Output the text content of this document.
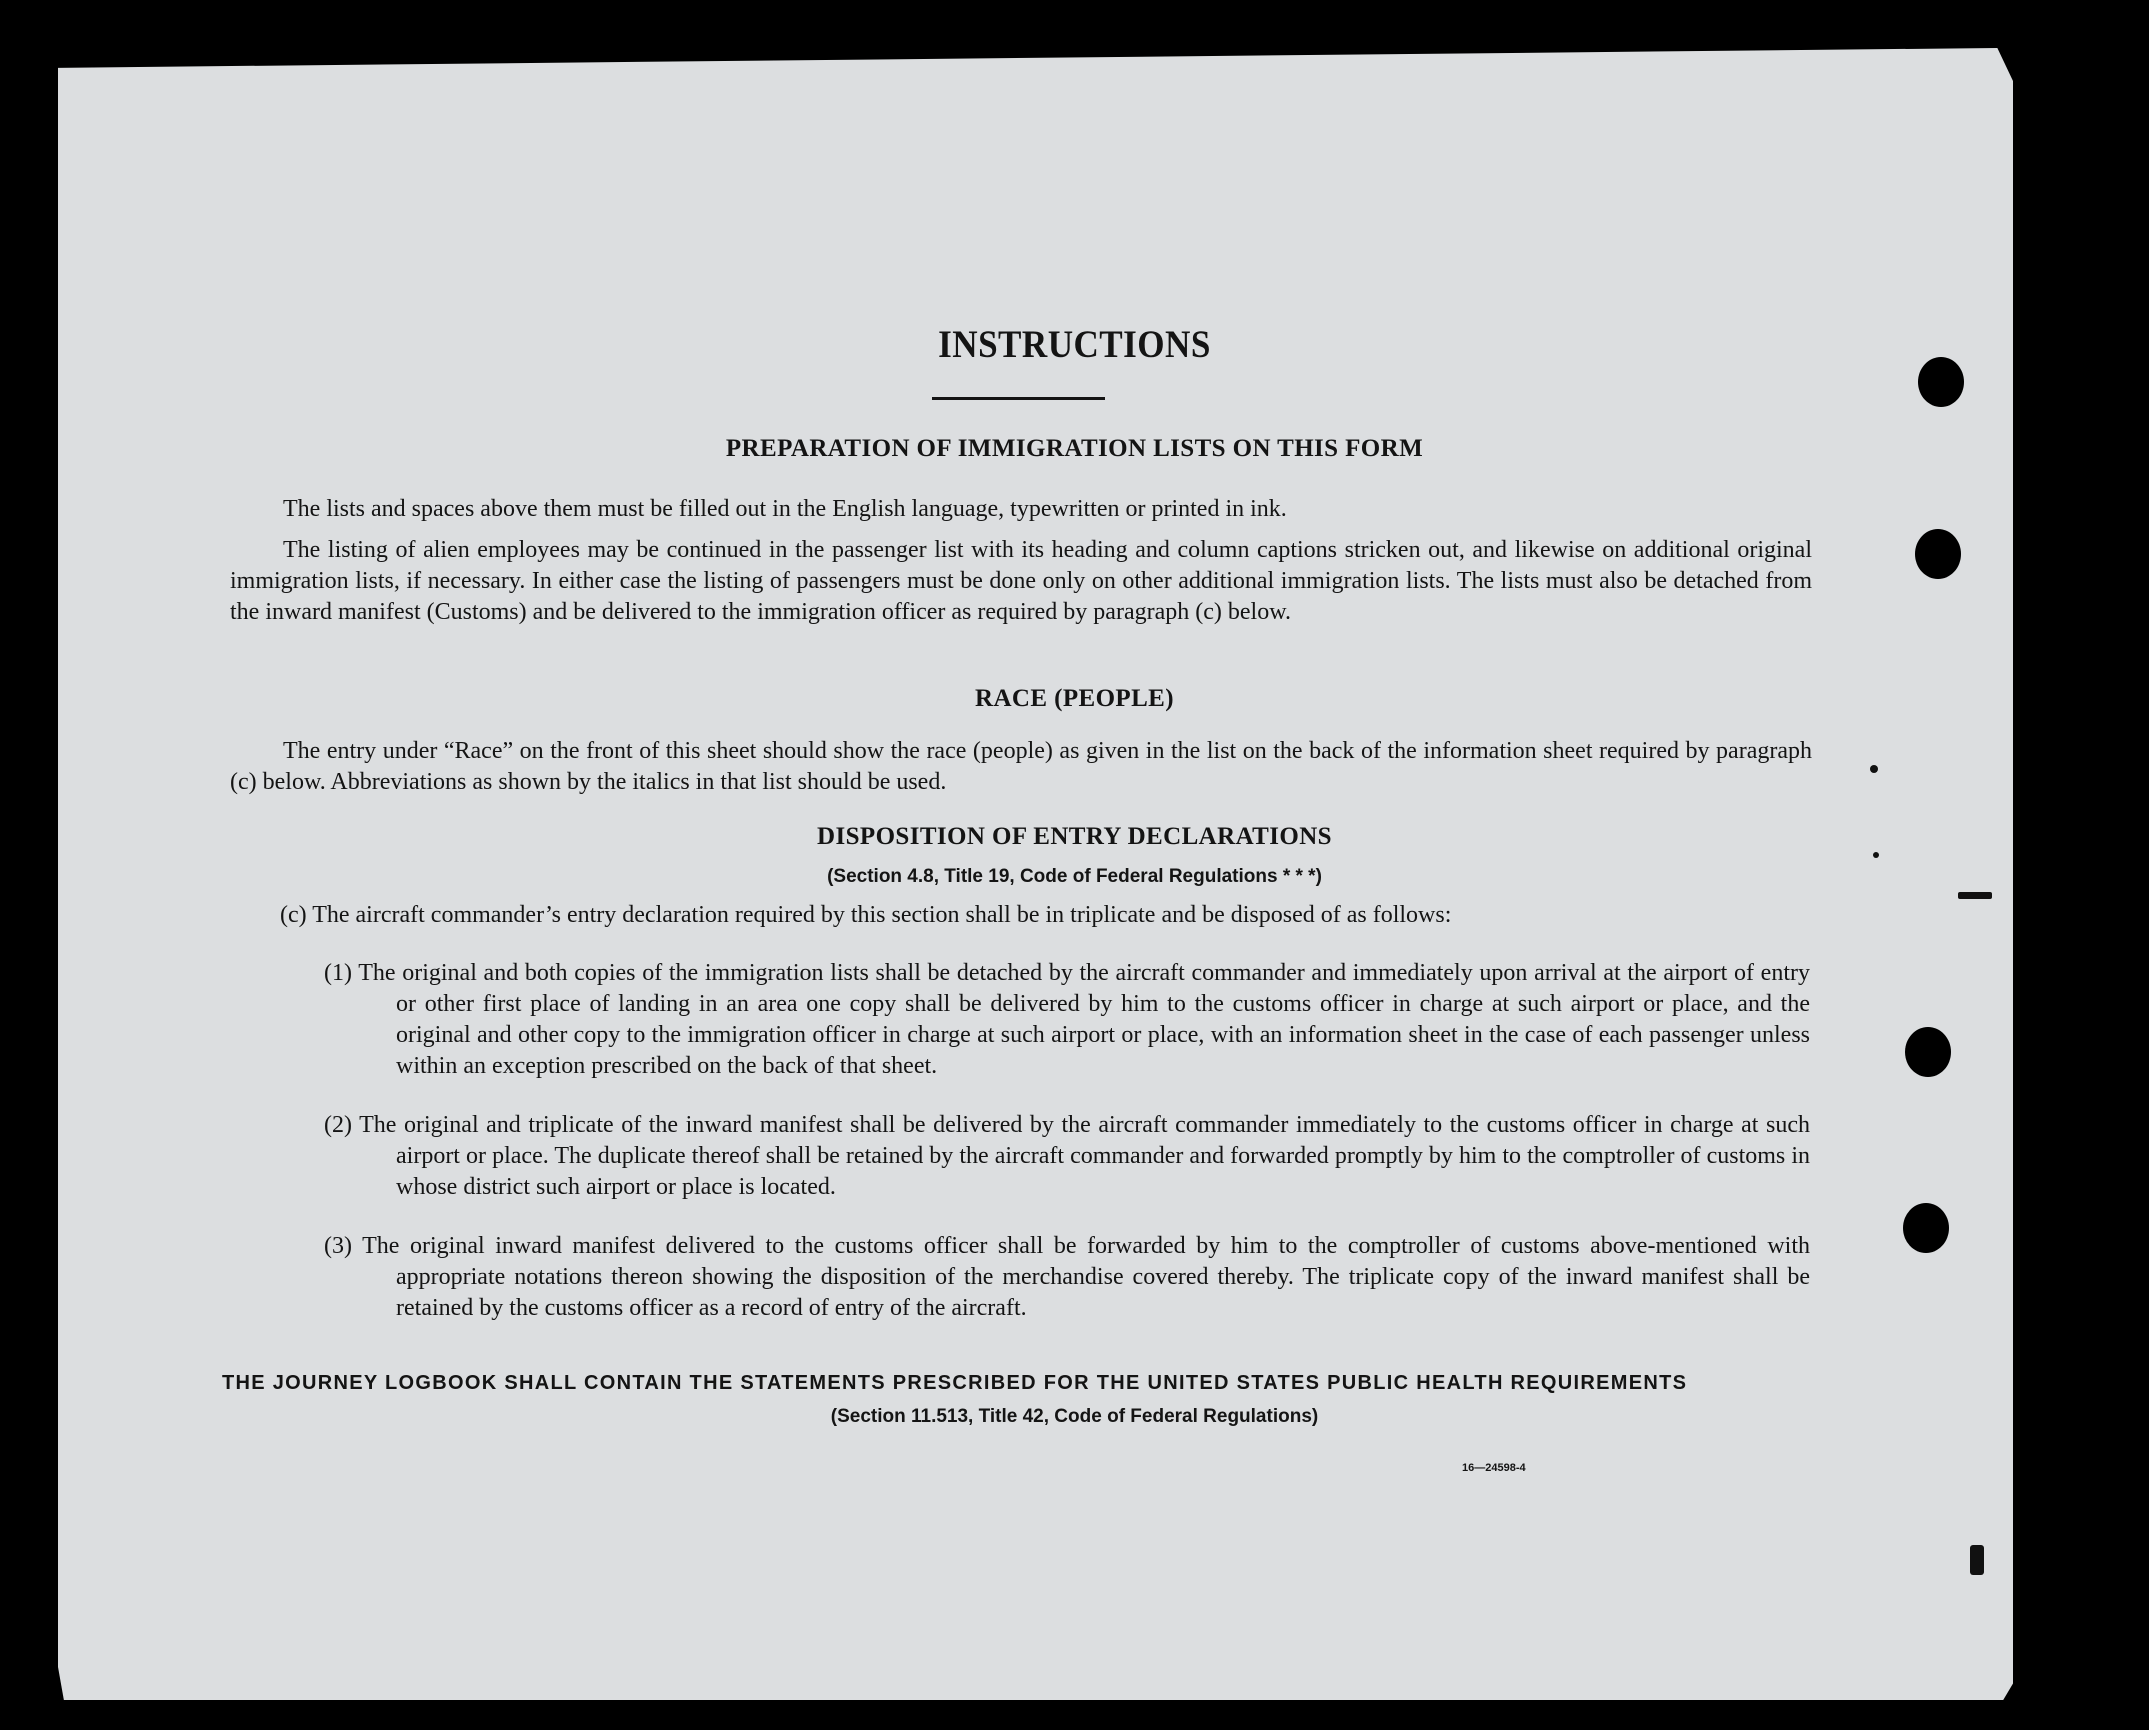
INSTRUCTIONS
PREPARATION OF IMMIGRATION LISTS ON THIS FORM
The lists and spaces above them must be filled out in the English language, typewritten or printed in ink.
The listing of alien employees may be continued in the passenger list with its heading and column captions stricken out, and likewise on additional original immigration lists, if necessary. In either case the listing of passengers must be done only on other additional immigration lists. The lists must also be detached from the inward manifest (Customs) and be delivered to the immigration officer as required by paragraph (c) below.
RACE (PEOPLE)
The entry under “Race” on the front of this sheet should show the race (people) as given in the list on the back of the information sheet required by paragraph (c) below. Abbreviations as shown by the italics in that list should be used.
DISPOSITION OF ENTRY DECLARATIONS
(Section 4.8, Title 19, Code of Federal Regulations * * *)
(c) The aircraft commander’s entry declaration required by this section shall be in triplicate and be disposed of as follows:
(1) The original and both copies of the immigration lists shall be detached by the aircraft commander and immediately upon arrival at the airport of entry or other first place of landing in an area one copy shall be delivered by him to the customs officer in charge at such airport or place, and the original and other copy to the immigration officer in charge at such airport or place, with an information sheet in the case of each passenger unless within an exception prescribed on the back of that sheet.
(2) The original and triplicate of the inward manifest shall be delivered by the aircraft commander immediately to the customs officer in charge at such airport or place. The duplicate thereof shall be retained by the aircraft commander and forwarded promptly by him to the comptroller of customs in whose district such airport or place is located.
(3) The original inward manifest delivered to the customs officer shall be forwarded by him to the comptroller of customs above-mentioned with appropriate notations thereon showing the disposition of the merchandise covered thereby. The triplicate copy of the inward manifest shall be retained by the customs officer as a record of entry of the aircraft.
THE JOURNEY LOGBOOK SHALL CONTAIN THE STATEMENTS PRESCRIBED FOR THE UNITED STATES PUBLIC HEALTH REQUIREMENTS
(Section 11.513, Title 42, Code of Federal Regulations)
16—24598-4
